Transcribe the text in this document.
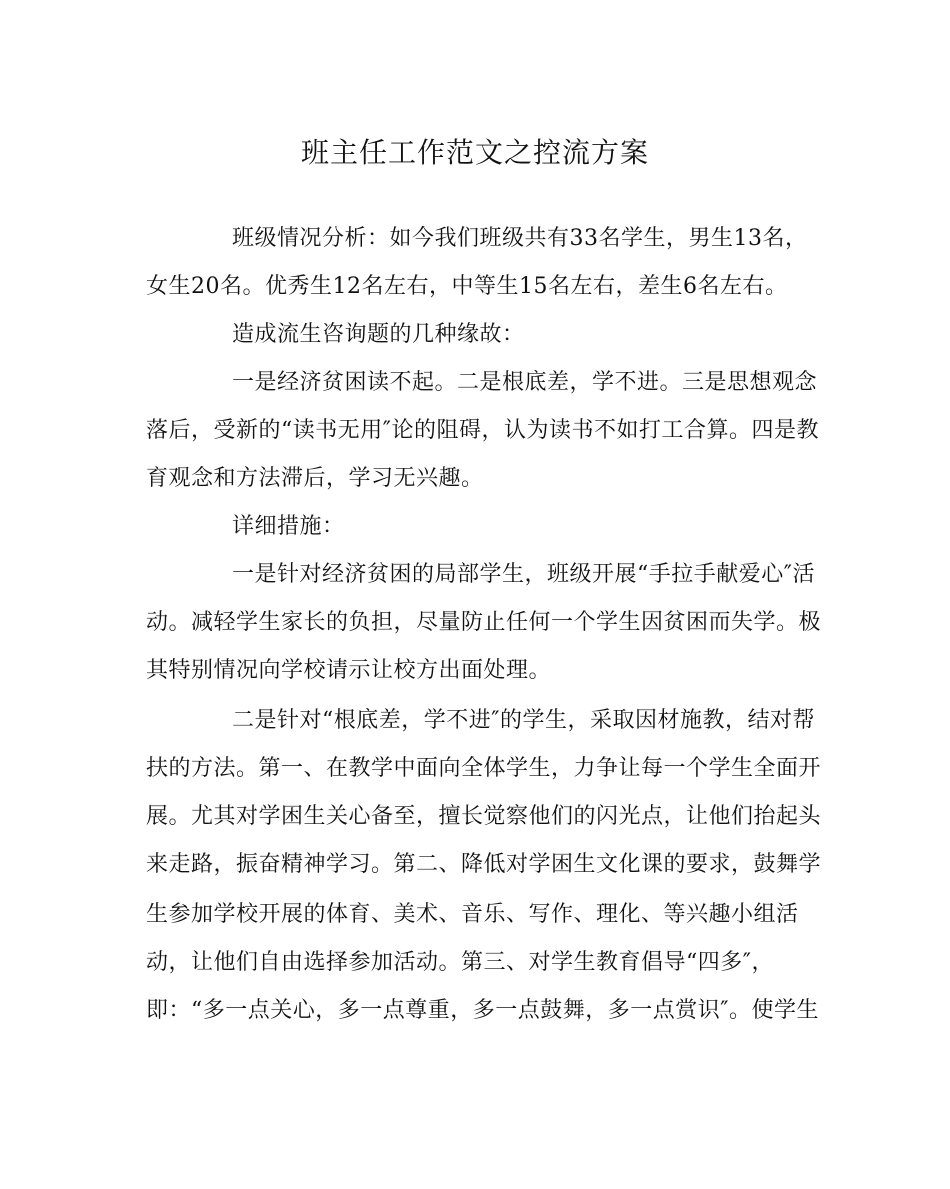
班主任工作范文之控流方案
班级情况分析：如今我们班级共有33名学生，男生13名，
女生20名。优秀生12名左右，中等生15名左右，差生6名左右。
造成流生咨询题的几种缘故：
一是经济贫困读不起。二是根底差，学不进。三是思想观念
落后，受新的“读书无用″论的阻碍，认为读书不如打工合算。四是教
育观念和方法滞后，学习无兴趣。
详细措施：
一是针对经济贫困的局部学生，班级开展“手拉手献爱心″活
动。减轻学生家长的负担，尽量防止任何一个学生因贫困而失学。极
其特别情况向学校请示让校方出面处理。
二是针对“根底差，学不进″的学生，采取因材施教，结对帮
扶的方法。第一、在教学中面向全体学生，力争让每一个学生全面开
展。尤其对学困生关心备至，擅长觉察他们的闪光点，让他们抬起头
来走路，振奋精神学习。第二、降低对学困生文化课的要求，鼓舞学
生参加学校开展的体育、美术、音乐、写作、理化、等兴趣小组活
动，让他们自由选择参加活动。第三、对学生教育倡导“四多″，
即：“多一点关心，多一点尊重，多一点鼓舞，多一点赏识″。使学生
